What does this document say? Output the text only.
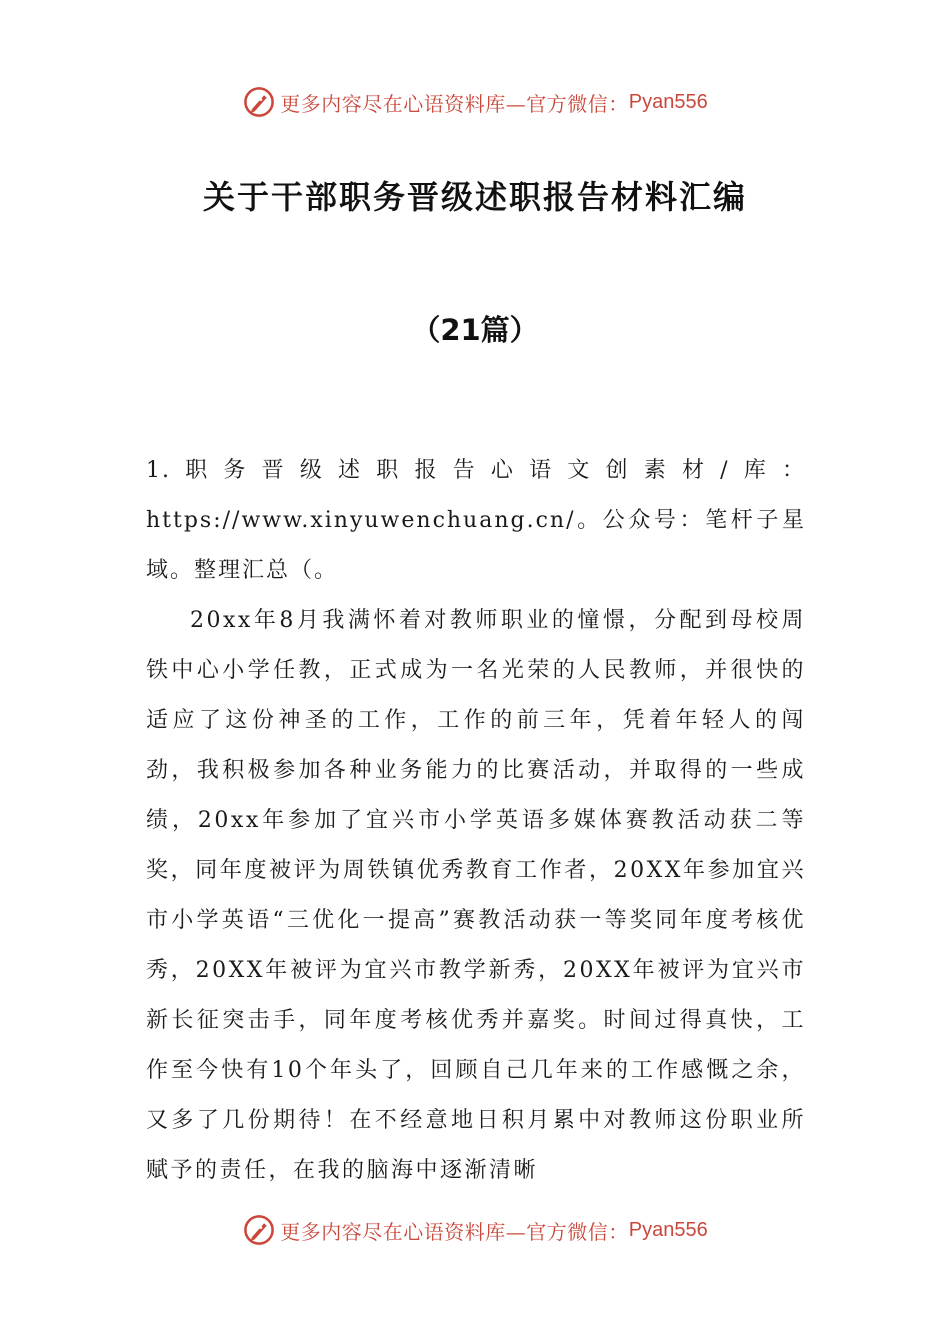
更多内容尽在心语资料库—官方微信： Pyan556
关于干部职务晋级述职报告材料汇编
（21篇）

1.职务晋级述职报告心语文创素材/库：https://www.xinyuwenchuang.cn/。公众号：笔杆子星域。整理汇总（。

20xx年8月我满怀着对教师职业的憧憬，分配到母校周铁中心小学任教，正式成为一名光荣的人民教师，并很快的适应了这份神圣的工作，工作的前三年，凭着年轻人的闯劲，我积极参加各种业务能力的比赛活动，并取得的一些成绩，20xx年参加了宜兴市小学英语多媒体赛教活动获二等奖，同年度被评为周铁镇优秀教育工作者，20XX年参加宜兴市小学英语“三优化一提高”赛教活动获一等奖同年度考核优秀，20XX年被评为宜兴市教学新秀，20XX年被评为宜兴市新长征突击手，同年度考核优秀并嘉奖。时间过得真快，工作至今快有10个年头了，回顾自己几年来的工作感慨之余，又多了几份期待！在不经意地日积月累中对教师这份职业所赋予的责任，在我的脑海中逐渐清晰

更多内容尽在心语资料库—官方微信： Pyan556
